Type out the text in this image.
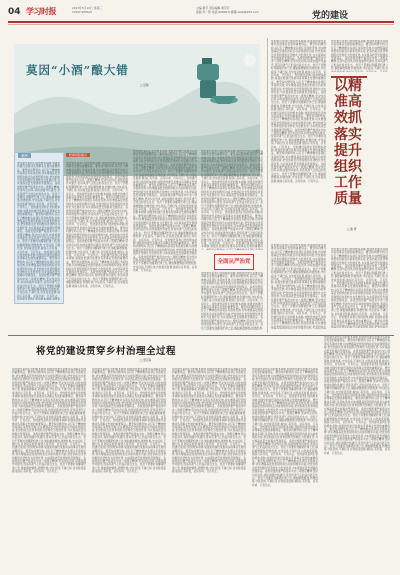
04 学习时报	2023年5月10日 星期三
XUEXI SHIBAO
主编:秦芳 责任编辑:秦芳芳
排版:苏一阳 电话:62805 5 邮箱:xxsb@163.com	党的建设
党的建设是我们党的根本命脉,加强党的建设是推动各项事业发展的重要保证。要坚持问题导向,以钉钉子精神推动各项任务落地见效,切实增强基层党组织的政治功能和组织功能,把党的政治优势和组织优势转化为发展优势,为实现高质量发展提供坚强保证。各级党组织要严格落实中央八项规定精神,坚决纠治四风,持续加强作风建设,营造风清气正的良好政治生态。党员干部要时刻绷紧纪律之弦,慎始慎微慎独,防微杜渐,守住底线,不越红线,自觉接受监督,做到心有所畏、言有所戒、行有所止。党的建设是我们党的根本命脉,加强党的建设是推动各项事业发展的重要保证。要坚持问题导向,以钉钉子精神推动各项任务落地见效,切实增强基层党组织的政治功能和组织功能,把党的政治优势和组织优势转化为发展优势,为实现高质量发展提供坚强保证。各级党组织要严格落实中央八项规定精神,坚决纠治四风,持续加强作风建设,营造风清气正的良好政治生态。党员干部要时刻绷紧纪律之弦,慎始慎微慎独,防微杜渐,守住底线,不越红线,自觉接受监督,做到心有所畏、言有所戒、行有所止。党的建设是我们党的根本命脉,加强党的建设是推动各项事业发展的重要保证。要坚持问题导向,以钉钉子精神推动各项任务落地见效,切实增强基层党组织的政治功能和组织功能,把党的政治优势和组织优势转化为发展优势,为实现高质量发展提供坚强保证。各级党组织要严格落实中央八项规定精神,坚决纠治四风,持续加强作风建设,营造风清气正的良好政治生态。党员干部要时刻绷紧纪律之弦,慎始慎微慎独,防微杜渐,守住底线,不越红线,自觉接受监督,做到心有所畏、言有所戒、行有所止。党的建设是我们党的根本命脉,加强党的建设是推动各项事业发展的重要保证。要坚持问题导向,以钉钉子精神推动各项任务落地见效,切实增强基层党组织的政治功能和组织功能,把党的政治优势和组织优势转化为发展优势,为实现高质量发展提供坚强保证。各级党组织要严格落实中央八项规定精神,坚决纠治四风,持续加强作风建设,营造风清气正的良好政治生态。党员干部要时刻绷紧纪律之弦,慎始慎微慎独,防微杜渐,守住底线,不越红线,自觉接受监督,做到心有所畏、言有所戒、行有所止。
党的建设是我们党的根本命脉,加强党的建设是推动各项事业发展的重要保证。要坚持问题导向,以钉钉子精神推动各项任务落地见效,切实增强基层党组织的政治功能和组织功能,把党的政治优势和组织优势转化为发展优势,为实现高质量发展提供坚强保证。各级党组织要严格落实中央八项规定精神,坚决纠治四风,持续加强作风建设,营造风清气正的良好政治生态。党员干部要时刻绷紧纪律之弦,慎始慎微慎独,防微杜渐,守住底线,不越红线,自
以精准高效抓落实提升组织工作质量
□ 谢 勇
党的建设是我们党的根本命脉,加强党的建设是推动各项事业发展的重要保证。要坚持问题导向,以钉钉子精神推动各项任务落地见效,切实增强基层党组织的政治功能和组织功能,把党的政治优势和组织优势转化为发展优势,为实现高质量发展提供坚强保证。各级党组织要严格落实中央八项规定精神,坚决纠治四风,持续加强作风建设,营造风清气正的良好政治生态。党员干部要时刻绷紧纪律之弦,慎始慎微慎独,防微杜渐,守住底线,不越红线,自觉接受监督,做到心有所畏、言有所戒、行有所止。党的建设是我们党的根本命脉,加强党的建设是推动各项事业发展的重要保证。要坚持问题导向,以钉钉子精神推动各项任务落地见效,切实增强基层党组织的政治功能和组织功能,把党的政治优势和组织优势转化为发展优势,为实现高质量发展提供坚强保证。各级党组织要严格落实中央八项规定精神,坚决纠治四风,持续加强作风建设,营造风清气正的良好政治生态。党员干部要时刻绷紧纪律之弦,慎始慎微慎独,防微杜渐,守住底线,不越红线,自觉接受监督,做到心有所畏、言有所戒、行有所止。党的建设是我们党的根本命脉,加强党的建设是推动各项事业发展的重要保证。要坚持问题导向,以钉钉子精神推动各项任务落地见效,切实增强基层党组织的政治功能和组织功能,把党的政治
党的建设是我们党的根本命脉,加强党的建设是推动各项事业发展的重要保证。要坚持问题导向,以钉钉子精神推动各项任务落地见效,切实增强基层党组织的政治功能和组织功能,把党的政治优势和组织优势转化为发展优势,为实现高质量发展提供坚强保证。各级党组织要严格落实中央八项规定精神,坚决纠治四风,持续加强作风建设,营造风清气正的良好政治生态。党员干部要时刻绷紧纪律之弦,慎始慎微慎独,防微杜渐,守住底线,不越红线,自觉接受监督,做到心有所畏、言有所戒、行有所止。党的建设是我们党的根本命脉,加强党的建设是推动各项事业发展的重要保证。要坚持问题导向,以钉钉子精神推动各项任务落地见效,切实增强基层党组织的政治功能和组织功能,把党的政治优势和组织优势转化为发展优势,为实现高质量发展提供坚强保证。各级党组织要严格落实中央八项规定精神,坚决纠治四风,持续加强作风建设,营造风清气正的良好政治生态。党员干部要时刻绷紧纪律之弦,慎始慎微慎独,防微杜渐,守住底线,不越红线,自觉接受监督,做到心有所畏、言有所戒、行有所止。党的建设是我们党的根本命脉,加强党的建设是推动各项事业发展的重要保证。要坚持问题导向,以钉钉子精神推动各项任务落地见效,切实增强基层党组织的政治功能和组织功能,把党的政治
莫因“小酒”酿大错
□ 吴瑞
案例
党的建设是我们党的根本命脉,加强党的建设是推动各项事业发展的重要保证。要坚持问题导向,以钉钉子精神推动各项任务落地见效,切实增强基层党组织的政治功能和组织功能,把党的政治优势和组织优势转化为发展优势,为实现高质量发展提供坚强保证。各级党组织要严格落实中央八项规定精神,坚决纠治四风,持续加强作风建设,营造风清气正的良好政治生态。党员干部要时刻绷紧纪律之弦,慎始慎微慎独,防微杜渐,守住底线,不越红线,自觉接受监督,做到心有所畏、言有所戒、行有所止。党的建设是我们党的根本命脉,加强党的建设是推动各项事业发展的重要保证。要坚持问题导向,以钉钉子精神推动各项任务落地见效,切实增强基层党组织的政治功能和组织功能,把党的政治优势和组织优势转化为发展优势,为实现高质量发展提供坚强保证。各级党组织要严格落实中央八项规定精神,坚决纠治四风,持续加强作风建设,营造风清气正的良好政治生态。党员干部要时刻绷紧纪律之弦,慎始慎微慎独,防微杜渐,守住底线,不越红线,自觉接受监督,做到心有所畏、言有所戒、行有所止。党的建设是我们党的根本命脉,加强党的建设是推动各项事业发展的重要保证。要坚持问题导向,以钉钉子精神推动各项任务落地见效,切实增强基层党组织的政治功能和组织功能,把党的政治优势和组织优势转化为发展优势,为实现高质量发展提供坚强保证。各级党组织要严格落实中央八项规定精神,坚决纠治四风,持续加强作风建设,营造风清气正的良好政治生态。党员干部要时刻绷紧纪律之弦,慎始慎微慎独,防微杜渐,守住底线,不越红线,自觉接受监督,做到心有所畏、言有所戒、行有所止。党的建设是我们党的根本命脉,加强党
纪律风险提示
党的建设是我们党的根本命脉,加强党的建设是推动各项事业发展的重要保证。要坚持问题导向,以钉钉子精神推动各项任务落地见效,切实增强基层党组织的政治功能和组织功能,把党的政治优势和组织优势转化为发展优势,为实现高质量发展提供坚强保证。各级党组织要严格落实中央八项规定精神,坚决纠治四风,持续加强作风建设,营造风清气正的良好政治生态。党员干部要时刻绷紧纪律之弦,慎始慎微慎独,防微杜渐,守住底线,不越红线,自觉接受监督,做到心有所畏、言有所戒、行有所止。党的建设是我们党的根本命脉,加强党的建设是推动各项事业发展的重要保证。要坚持问题导向,以钉钉子精神推动各项任务落地见效,切实增强基层党组织的政治功能和组织功能,把党的政治优势和组织优势转化为发展优势,为实现高质量发展提供坚强保证。各级党组织要严格落实中央八项规定精神,坚决纠治四风,持续加强作风建设,营造风清气正的良好政治生态。党员干部要时刻绷紧纪律之弦,慎始慎微慎独,防微杜渐,守住底线,不越红线,自觉接受监督,做到心有所畏、言有所戒、行有所止。党的建设是我们党的根本命脉,加强党的建设是推动各项事业发展的重要保证。要坚持问题导向,以钉钉子精神推动各项任务落地见效,切实增强基层党组织的政治功能和组织功能,把党的政治优势和组织优势转化为发展优势,为实现高质量发展提供坚强保证。各级党组织要严格落实中央八项规定精神,坚决纠治四风,持续加强作风建设,营造风清气正的良好政治生态。党员干部要时刻绷紧纪律之弦,慎始慎微慎独,防微杜渐,守住底线,不越红线,自觉接受监督,做到心有所畏、言有所戒、行有所止。党的建设是我们党的根本命脉,加强党的建设是推动各项事业发展的重要保证。要坚持问题导向,以钉钉子精神推动各项任务落地见效,切实增强基层党组织的政治功能和组织功能,把党的政治优势和组织优势转化为发展优势,为实现高质量发展提供坚强保证。各级党组织要严格落实中央八项规定精神,坚决纠治四风,持续加强作风建设,营造风清气正的良好政治生态。党员干部要时刻绷紧纪律之弦,慎始慎微慎独,防微杜渐,守住底线,不越红线,自觉接受监督,做到心有所畏、言有所戒、行有所止。
党的建设是我们党的根本命脉,加强党的建设是推动各项事业发展的重要保证。要坚持问题导向,以钉钉子精神推动各项任务落地见效,切实增强基层党组织的政治功能和组织功能,把党的政治优势和组织优势转化为发展优势,为实现高质量发展提供坚强保证。各级党组织要严格落实中央八项规定精神,坚决纠治四风,持续加强作风建设,营造风清气正的良好政治生态。党员干部要时刻绷紧纪律之弦,慎始慎微慎独,防微杜渐,守住底线,不越红线,自觉接受监督,做到心有所畏、言有所戒、行有所止。党的建设是我们党的根本命脉,加强党的建设是推动各项事业发展的重要保证。要坚持问题导向,以钉钉子精神推动各项任务落地见效,切实增强基层党组织的政治功能和组织功能,把党的政治优势和组织优势转化为发展优势,为实现高质量发展提供坚强保证。各级党组织要严格落实中央八项规定精神,坚决纠治四风,持续加强作风建设,营造风清气正的良好政治生态。党员干部要时刻绷紧纪律之弦,慎始慎微慎独,防微杜渐,守住底线,不越红线,自觉接受监督,做到心有所畏、言有所戒、行有所止。党的建设是我们党的根本命脉,加强党的建设是推动各项事业发展的重要保证。要坚持问题导向,以钉钉子精神推动各项任务落地见效,切实增强基层党组织的政治功能和组织功能,把党的政治优势和组织优势转化为发展优势,为实现高质量发展提供坚强保证。各级党组织要严格落实中央八项规定精神,坚决纠治四风,持续加强作风建设,营造风清气正的良好政治生态。党员干部要时刻绷紧纪律之弦,慎始慎微慎独,防微杜渐,守住底线,不越红线,自觉接受监督,做到心有所畏、言有所戒、行有所止。党的建设是我们党的根本命脉,加强党的建设是推动各项事业发展的重要保证。要坚持问题导向,以钉钉子精神推动各项任务落地见效,切实增强基层党组织的政治功能和组织功能,把党的政治优势和组织优势转化为发展优势,为实现高质量发展提供坚强保证。各级党组织要严格落实中央八项规定精神,坚决纠治四风,持续加强作风建设,营造风清气正的良好政治生态。党员干部要时刻绷紧纪律之弦,慎始慎微慎独,防微杜渐,守住底线,不越红线,自觉接受监督,做到心有所畏、言有所戒、行有所止。
党的建设是我们党的根本命脉,加强党的建设是推动各项事业发展的重要保证。要坚持问题导向,以钉钉子精神推动各项任务落地见效,切实增强基层党组织的政治功能和组织功能,把党的政治优势和组织优势转化为发展优势,为实现高质量发展提供坚强保证。各级党组织要严格落实中央八项规定精神,坚决纠治四风,持续加强作风建设,营造风清气正的良好政治生态。党员干部要时刻绷紧纪律之弦,慎始慎微慎独,防微杜渐,守住底线,不越红线,自觉接受监督,做到心有所畏、言有所戒、行有所止。党的建设是我们党的根本命脉,加强党的建设是推动各项事业发展的重要保证。要坚持问题导向,以钉钉子精神推动各项任务落地见效,切实增强基层党组织的政治功能和组织功能,把党的政治优势和组织优势转化为发展优势,为实现高质量发展提供坚强保证。各级党组织要严格落实中央八项规定精神,坚决纠治四风,持续加强作风建设,营造风清气正的良好政治生态。党员干部要时刻绷紧纪律之弦,慎始慎微慎独,防微杜渐,守住底线,不越红线,自觉接受监督,做到心有所畏、言有所戒、行有所止。党的建设是我们党的根本命脉,加强党的建设是推动各项事业发展的重要保证。要坚持问题导向,以钉钉子精神推动各项任务落地见效,切实增强基层党组织的政治功能和组织功能,把党的政治优势和组织优势转化为发展优势,为实现高质量发展提供坚强保证。各级党组织要严格落实中央八项规定精神,坚决纠治四风,持续加强作风建设,营造风清气正的良好政治生态。党员干部要时刻绷紧纪律之弦,慎始慎微慎独,防微杜渐,守住底线,不越红线,自觉接受监督,做到心有所畏、言有所戒、行有所止。党的建设是我们党的根本命脉,加强党的建设是推动各项事业发展的重要保
全面从严治党
党的建设是我们党的根本命脉,加强党的建设是推动各项事业发展的重要保证。要坚持问题导向,以钉钉子精神推动各项任务落地见效,切实增强基层党组织的政治功能和组织功能,把党的政治优势和组织优势转化为发展优势,为实现高质量发展提供坚强保证。各级党组织要严格落实中央八项规定精神,坚决纠治四风,持续加强作风建设,营造风清气正的良好政治生态。党员干部要时刻绷紧纪律之弦,慎始慎微慎独,防微杜渐,守住底线,不越红线,自觉接受监督,做到心有所畏、言有所戒、行有所止。党的建设是我们党的根本命脉,加强党的建设是推动各项事业发展的重要保证。要坚持问题导向,以钉钉子精神推动各项任务落地见效,切实增强基层党组织的政治功能和组织功能,把党的政治优势和组织优势转化为发展优势,为实现高质量发展提供坚强保证。各级党组织要严格落实中央八项规定精神,坚决纠治四风,持续加强作风建设,营造风清气正的良好政治生态。党员干部要时刻绷紧纪律之弦,慎始慎微慎独,防微杜渐,
将党的建设贯穿乡村治理全过程
□ 谭江海
党的建设是我们党的根本命脉,加强党的建设是推动各项事业发展的重要保证。要坚持问题导向,以钉钉子精神推动各项任务落地见效,切实增强基层党组织的政治功能和组织功能,把党的政治优势和组织优势转化为发展优势,为实现高质量发展提供坚强保证。各级党组织要严格落实中央八项规定精神,坚决纠治四风,持续加强作风建设,营造风清气正的良好政治生态。党员干部要时刻绷紧纪律之弦,慎始慎微慎独,防微杜渐,守住底线,不越红线,自觉接受监督,做到心有所畏、言有所戒、行有所止。党的建设是我们党的根本命脉,加强党的建设是推动各项事业发展的重要保证。要坚持问题导向,以钉钉子精神推动各项任务落地见效,切实增强基层党组织的政治功能和组织功能,把党的政治优势和组织优势转化为发展优势,为实现高质量发展提供坚强保证。各级党组织要严格落实中央八项规定精神,坚决纠治四风,持续加强作风建设,营造风清气正的良好政治生态。党员干部要时刻绷紧纪律之弦,慎始慎微慎独,防微杜渐,守住底线,不越红线,自觉接受监督,做到心有所畏、言有所戒、行有所止。党的建设是我们党的根本命脉,加强党的建设是推动各项事业发展的重要保证。要坚持问题导向,以钉钉子精神推动各项任务落地见效,切实增强基层党组织的政治功能和组织功能,把党的政治优势和组织优势转化为发展优势,为实现高质量发展提供坚强保证。各级党组织要严格落实中央八项规定精神,坚决纠治四风,持续加强作风建设,营造风清气正的良好政治生态。党员干部要时刻绷紧纪律之弦,慎始慎微慎独,防微杜渐,守住底线,不越红线,自觉接受监督,做到心有所畏、言有所戒、行有所止。党的建设是我们党的根本命脉,加强党的建设是推动各项事业发展的重要保证。要坚持问题导向,以钉钉子精神推动各项任务落地见效,切实增强基层党组织的政治功能和组织功能,把党的政治优势和组织优势转化为发展优势,为实现高质量发展提供坚强保证。各级党组织要严格落实中央八项规定精神,坚决纠治四风,持续加强作风建设,营造风清气正的良好政治生态。党员干部要时刻绷紧纪律之弦,慎始慎微慎独,防微杜渐,守住底线,不越红线,自觉接受监督,做到心有所畏、言有所戒、行有所止。
党的建设是我们党的根本命脉,加强党的建设是推动各项事业发展的重要保证。要坚持问题导向,以钉钉子精神推动各项任务落地见效,切实增强基层党组织的政治功能和组织功能,把党的政治优势和组织优势转化为发展优势,为实现高质量发展提供坚强保证。各级党组织要严格落实中央八项规定精神,坚决纠治四风,持续加强作风建设,营造风清气正的良好政治生态。党员干部要时刻绷紧纪律之弦,慎始慎微慎独,防微杜渐,守住底线,不越红线,自觉接受监督,做到心有所畏、言有所戒、行有所止。党的建设是我们党的根本命脉,加强党的建设是推动各项事业发展的重要保证。要坚持问题导向,以钉钉子精神推动各项任务落地见效,切实增强基层党组织的政治功能和组织功能,把党的政治优势和组织优势转化为发展优势,为实现高质量发展提供坚强保证。各级党组织要严格落实中央八项规定精神,坚决纠治四风,持续加强作风建设,营造风清气正的良好政治生态。党员干部要时刻绷紧纪律之弦,慎始慎微慎独,防微杜渐,守住底线,不越红线,自觉接受监督,做到心有所畏、言有所戒、行有所止。党的建设是我们党的根本命脉,加强党的建设是推动各项事业发展的重要保证。要坚持问题导向,以钉钉子精神推动各项任务落地见效,切实增强基层党组织的政治功能和组织功能,把党的政治优势和组织优势转化为发展优势,为实现高质量发展提供坚强保证。各级党组织要严格落实中央八项规定精神,坚决纠治四风,持续加强作风建设,营造风清气正的良好政治生态。党员干部要时刻绷紧纪律之弦,慎始慎微慎独,防微杜渐,守住底线,不越红线,自觉接受监督,做到心有所畏、言有所戒、行有所止。党的建设是我们党的根本命脉,加强党的建设是推动各项事业发展的重要保证。要坚持问题导向,以钉钉子精神推动各项任务落地见效,切实增强基层党组织的政治功能和组织功能,把党的政治优势和组织优势转化为发展优势,为实现高质量发展提供坚强保证。各级党组织要严格落实中央八项规定精神,坚决纠治四风,持续加强作风建设,营造风清气正的良好政治生态。党员干部要时刻绷紧纪律之弦,慎始慎微慎独,防微杜渐,守住底线,不越红线,自觉接受监督,做到心有所畏、言有所戒、行有所止。
党的建设是我们党的根本命脉,加强党的建设是推动各项事业发展的重要保证。要坚持问题导向,以钉钉子精神推动各项任务落地见效,切实增强基层党组织的政治功能和组织功能,把党的政治优势和组织优势转化为发展优势,为实现高质量发展提供坚强保证。各级党组织要严格落实中央八项规定精神,坚决纠治四风,持续加强作风建设,营造风清气正的良好政治生态。党员干部要时刻绷紧纪律之弦,慎始慎微慎独,防微杜渐,守住底线,不越红线,自觉接受监督,做到心有所畏、言有所戒、行有所止。党的建设是我们党的根本命脉,加强党的建设是推动各项事业发展的重要保证。要坚持问题导向,以钉钉子精神推动各项任务落地见效,切实增强基层党组织的政治功能和组织功能,把党的政治优势和组织优势转化为发展优势,为实现高质量发展提供坚强保证。各级党组织要严格落实中央八项规定精神,坚决纠治四风,持续加强作风建设,营造风清气正的良好政治生态。党员干部要时刻绷紧纪律之弦,慎始慎微慎独,防微杜渐,守住底线,不越红线,自觉接受监督,做到心有所畏、言有所戒、行有所止。党的建设是我们党的根本命脉,加强党的建设是推动各项事业发展的重要保证。要坚持问题导向,以钉钉子精神推动各项任务落地见效,切实增强基层党组织的政治功能和组织功能,把党的政治优势和组织优势转化为发展优势,为实现高质量发展提供坚强保证。各级党组织要严格落实中央八项规定精神,坚决纠治四风,持续加强作风建设,营造风清气正的良好政治生态。党员干部要时刻绷紧纪律之弦,慎始慎微慎独,防微杜渐,守住底线,不越红线,自觉接受监督,做到心有所畏、言有所戒、行有所止。党的建设是我们党的根本命脉,加强党的建设是推动各项事业发展的重要保证。要坚持问题导向,以钉钉子精神推动各项任务落地见效,切实增强基层党组织的政治功能和组织功能,把党的政治优势和组织优势转化为发展优势,为实现高质量发展提供坚强保证。各级党组织要严格落实中央八项规定精神,坚决纠治四风,持续加强作风建设,营造风清气正的良好政治生态。党员干部要时刻绷紧纪律之弦,慎始慎微慎独,防微杜渐,守住底线,不越红线,自觉接受监督,做到心有所畏、言有所戒、行有所止。
党的建设是我们党的根本命脉,加强党的建设是推动各项事业发展的重要保证。要坚持问题导向,以钉钉子精神推动各项任务落地见效,切实增强基层党组织的政治功能和组织功能,把党的政治优势和组织优势转化为发展优势,为实现高质量发展提供坚强保证。各级党组织要严格落实中央八项规定精神,坚决纠治四风,持续加强作风建设,营造风清气正的良好政治生态。党员干部要时刻绷紧纪律之弦,慎始慎微慎独,防微杜渐,守住底线,不越红线,自觉接受监督,做到心有所畏、言有所戒、行有所止。党的建设是我们党的根本命脉,加强党的建设是推动各项事业发展的重要保证。要坚持问题导向,以钉钉子精神推动各项任务落地见效,切实增强基层党组织的政治功能和组织功能,把党的政治优势和组织优势转化为发展优势,为实现高质量发展提供坚强保证。各级党组织要严格落实中央八项规定精神,坚决纠治四风,持续加强作风建设,营造风清气正的良好政治生态。党员干部要时刻绷紧纪律之弦,慎始慎微慎独,防微杜渐,守住底线,不越红线,自觉接受监督,做到心有所畏、言有所戒、行有所止。党的建设是我们党的根本命脉,加强党的建设是推动各项事业发展的重要保证。要坚持问题导向,以钉钉子精神推动各项任务落地见效,切实增强基层党组织的政治功能和组织功能,把党的政治优势和组织优势转化为发展优势,为实现高质量发展提供坚强保证。各级党组织要严格落实中央八项规定精神,坚决纠治四风,持续加强作风建设,营造风清气正的良好政治生态。党员干部要时刻绷紧纪律之弦,慎始慎微慎独,防微杜渐,守住底线,不越红线,自觉接受监督,做到心有所畏、言有所戒、行有所止。党的建设是我们党的根本命脉,加强党的建设是推动各项事业发展的重要保证。要坚持问题导向,以钉钉子精神推动各项任务落地见效,切实增强基层党组织的政治功能和组织功能,把党的政治优势和组织优势转化为发展优势,为实现高质量发展提供坚强保证。各级党组织要严格落实中央八项规定精神,坚决纠治四风,持续加强作风建设,营造风清气正的良好政治生态。党员干部要时刻绷紧纪律之弦,慎始慎微慎独,防微杜渐,守住底线,不越红线,自觉接受监督,做到心有所畏、言有所戒、行有所止。
党的建设是我们党的根本命脉,加强党的建设是推动各项事业发展的重要保证。要坚持问题导向,以钉钉子精神推动各项任务落地见效,切实增强基层党组织的政治功能和组织功能,把党的政治优势和组织优势转化为发展优势,为实现高质量发展提供坚强保证。各级党组织要严格落实中央八项规定精神,坚决纠治四风,持续加强作风建设,营造风清气正的良好政治生态。党员干部要时刻绷紧纪律之弦,慎始慎微慎独,防微杜渐,守住底线,不越红线,自觉接受监督,做到心有所畏、言有所戒、行有所止。党的建设是我们党的根本命脉,加强党的建设是推动各项事业发展的重要保证。要坚持问题导向,以钉钉子精神推动各项任务落地见效,切实增强基层党组织的政治功能和组织功能,把党的政治优势和组织优势转化为发展优势,为实现高质量发展提供坚强保证。各级党组织要严格落实中央八项规定精神,坚决纠治四风,持续加强作风建设,营造风清气正的良好政治生态。党员干部要时刻绷紧纪律之弦,慎始慎微慎独,防微杜渐,守住底线,不越红线,自觉接受监督,做到心有所畏、言有所戒、行有所止。党的建设是我们党的根本命脉,加强党的建设是推动各项事业发展的重要保证。要坚持问题导向,以钉钉子精神推动各项任务落地见效,切实增强基层党组织的政治功能和组织功能,把党的政治优势和组织优势转化为发展优势,为实现高质量发展提供坚强保证。各级党组织要严格落实中央八项规定精神,坚决纠治四风,持续加强作风建设,营造风清气正的良好政治生态。党员干部要时刻绷紧纪律之弦,慎始慎微慎独,防微杜渐,守住底线,不越红线,自觉接受监督,做到心有所畏、言有所戒、行有所止。党的建设是我们党的根本命脉,加强党的建设是推动各项事业发展的重要保证。要坚持问题导向,以钉钉子精神推动各项任务落地见效,切实增强基层党组织的政治功能和组织功能,把党的政治优势和组织优势转化为发展优势,为实现高质量发展提供坚强保证。各级党组织要严格落实中央八项规定精神,坚决纠治四风,持续加强作风建设,营造风清气正的良好政治生态。党员干部要时刻绷紧纪律之弦,慎始慎微慎独,防微杜渐,守住底线,不越红线,自觉接受监督,做到心有所畏、言有所戒、行有所止。
